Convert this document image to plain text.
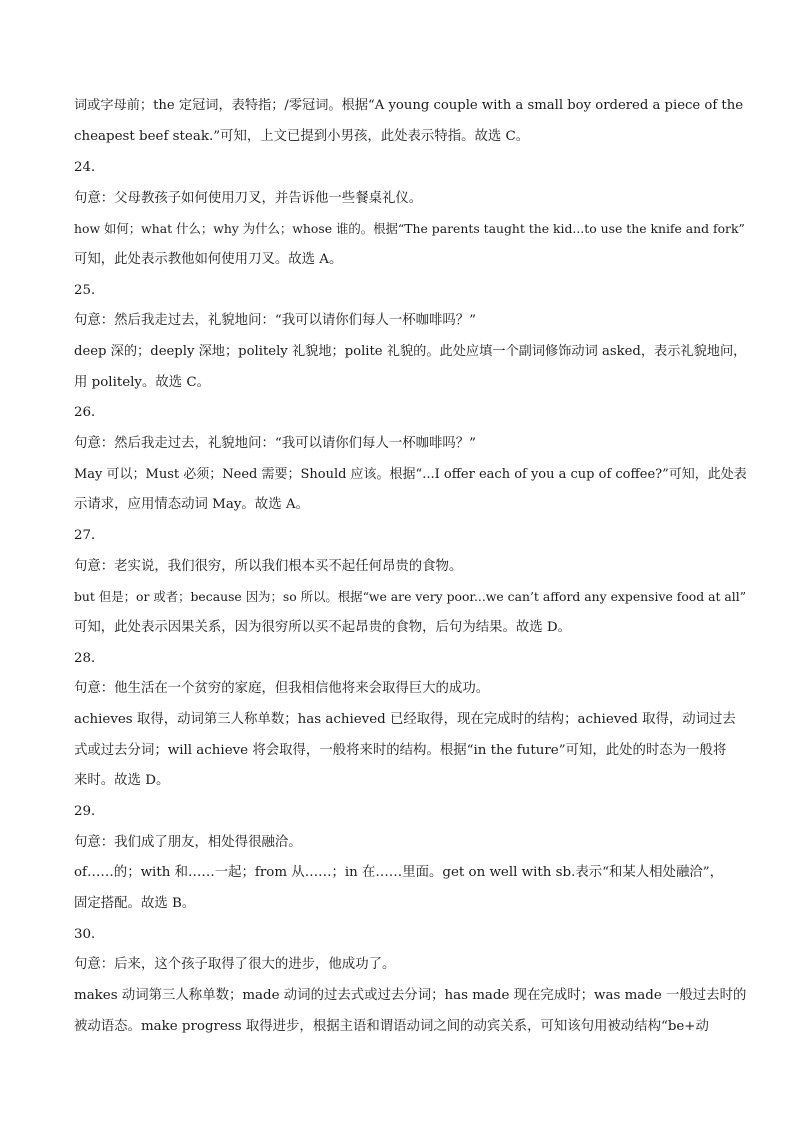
词或字母前；the 定冠词，表特指；/零冠词。根据“A young couple with a small boy ordered a piece of the
cheapest beef steak.”可知，上文已提到小男孩，此处表示特指。故选 C。
24．
句意：父母教孩子如何使用刀叉，并告诉他一些餐桌礼仪。
how 如何；what 什么；why 为什么；whose 谁的。根据“The parents taught the kid...to use the knife and fork”
可知，此处表示教他如何使用刀叉。故选 A。
25．
句意：然后我走过去，礼貌地问：“我可以请你们每人一杯咖啡吗？”
deep 深的；deeply 深地；politely 礼貌地；polite 礼貌的。此处应填一个副词修饰动词 asked，表示礼貌地问，
用 politely。故选 C。
26．
句意：然后我走过去，礼貌地问：“我可以请你们每人一杯咖啡吗？”
May 可以；Must 必须；Need 需要；Should 应该。根据“...I offer each of you a cup of coffee?”可知，此处表
示请求，应用情态动词 May。故选 A。
27．
句意：老实说，我们很穷，所以我们根本买不起任何昂贵的食物。
but 但是；or 或者；because 因为；so 所以。根据“we are very poor...we can’t afford any expensive food at all”
可知，此处表示因果关系，因为很穷所以买不起昂贵的食物，后句为结果。故选 D。
28．
句意：他生活在一个贫穷的家庭，但我相信他将来会取得巨大的成功。
achieves 取得，动词第三人称单数；has achieved 已经取得，现在完成时的结构；achieved 取得，动词过去
式或过去分词；will achieve 将会取得，一般将来时的结构。根据“in the future”可知，此处的时态为一般将
来时。故选 D。
29．
句意：我们成了朋友，相处得很融洽。
of……的；with 和……一起；from 从……；in 在……里面。get on well with sb.表示“和某人相处融洽”，
固定搭配。故选 B。
30．
句意：后来，这个孩子取得了很大的进步，他成功了。
makes 动词第三人称单数；made 动词的过去式或过去分词；has made 现在完成时；was made 一般过去时的
被动语态。make progress 取得进步，根据主语和谓语动词之间的动宾关系，可知该句用被动结构“be+动
